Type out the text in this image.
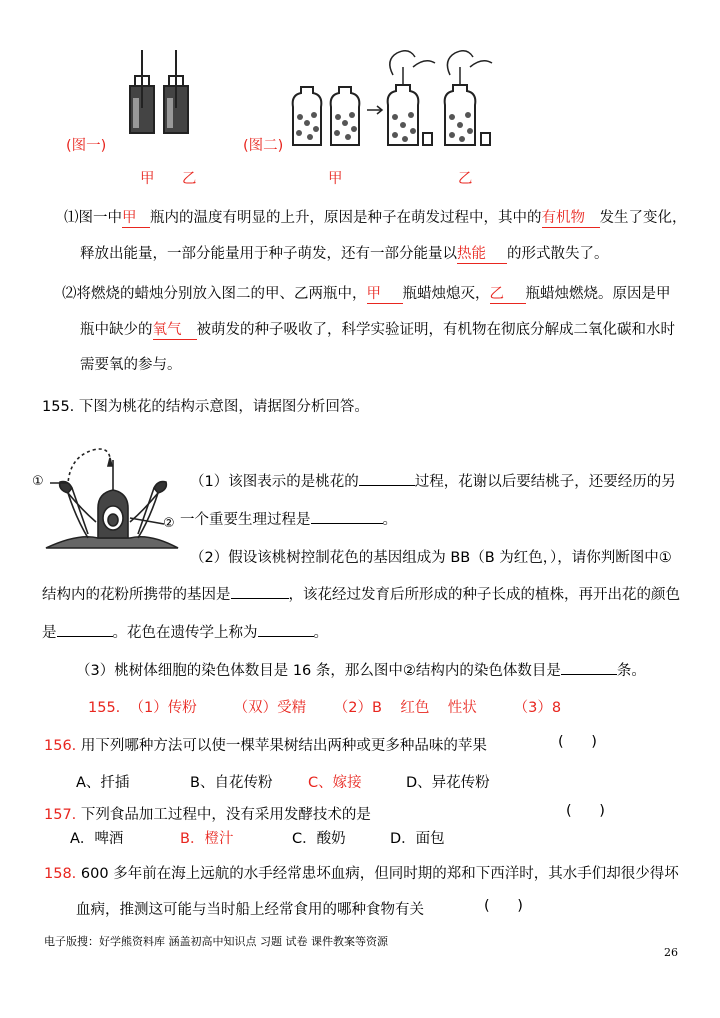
(图一)	(图二)
甲 乙	甲	乙
⑴图一中甲 瓶内的温度有明显的上升，原因是种子在萌发过程中，其中的有机物 发生了变化，
释放出能量，一部分能量用于种子萌发，还有一部分能量以热能 的形式散失了。
⑵将燃烧的蜡烛分别放入图二的甲、乙两瓶中，甲 瓶蜡烛熄灭，乙 瓶蜡烛燃烧。原因是甲
瓶中缺少的氧气 被萌发的种子吸收了，科学实验证明，有机物在彻底分解成二氧化碳和水时
需要氧的参与。
155. 下图为桃花的结构示意图，请据图分析回答。
①
②
（1）该图表示的是桃花的	过程，花谢以后要结桃子，还要经历的另
一个重要生理过程是	。
（2）假设该桃树控制花色的基因组成为 BB（B 为红色，），请你判断图中①
结构内的花粉所携带的基因是	，该花经过发育后所形成的种子长成的植株，再开出花的颜色
是	。花色在遗传学上称为	。
（3）桃树体细胞的染色体数目是 16 条，那么图中②结构内的染色体数目是	条。
155.  （1）传粉        （双）受精      （2）B    红色    性状        （3）8
156. 用下列哪种方法可以使一棵苹果树结出两种或更多种品味的苹果	(      )
A、扦插	B、自花传粉 C、嫁接	D、异花传粉
157. 下列食品加工过程中，没有采用发酵技术的是	(      )
A．啤酒	B．橙汁	C．酸奶	D．面包
158. 600 多年前在海上远航的水手经常患坏血病，但同时期的郑和下西洋时，其水手们却很少得坏
血病，推测这可能与当时船上经常食用的哪种食物有关	(      )
电子版搜：好学熊资料库 涵盖初高中知识点 习题 试卷 课件教案等资源
26
